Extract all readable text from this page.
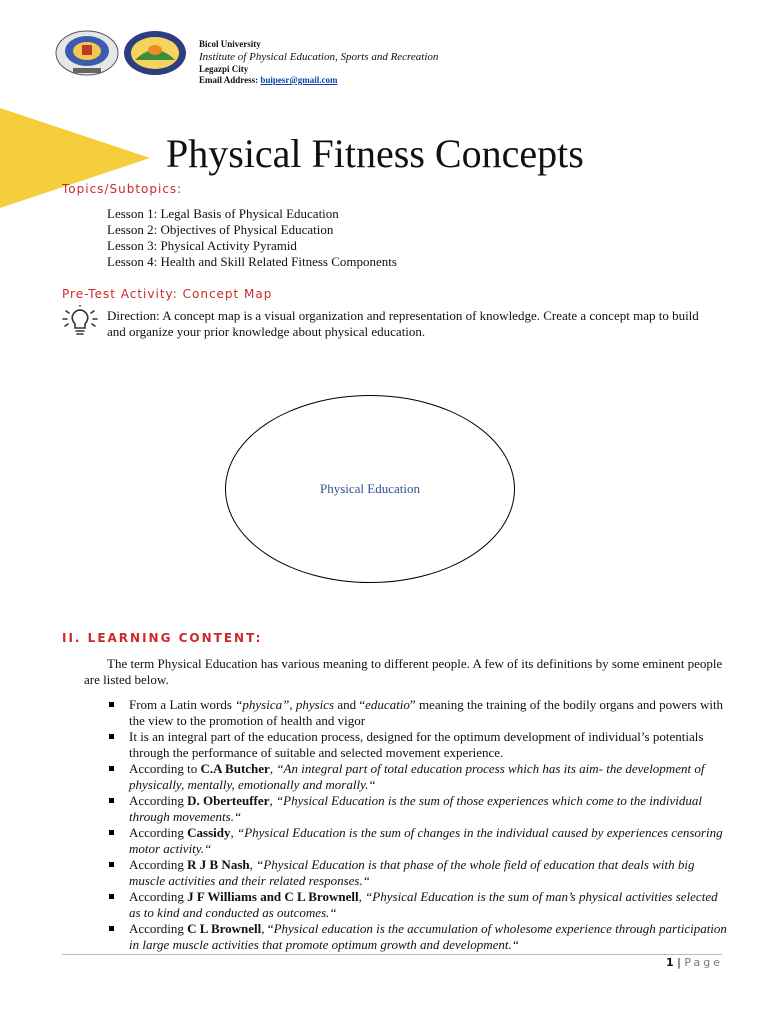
Bicol University
Institute of Physical Education, Sports and Recreation
Legazpi City
Email Address: buipesr@gmail.com
Physical Fitness Concepts
Topics/Subtopics:
Lesson 1: Legal Basis of Physical Education
Lesson 2: Objectives of Physical Education
Lesson 3: Physical Activity Pyramid
Lesson 4: Health and Skill Related Fitness Components
Pre-Test Activity: Concept Map
Direction: A concept map is a visual organization and representation of knowledge. Create a concept map to build and organize your prior knowledge about physical education.
Physical Education
II. LEARNING CONTENT:
The term Physical Education has various meaning to different people. A few of its definitions by some eminent people are listed below.
From a Latin words “physica”, physics and “educatio” meaning the training of the bodily organs and powers with the view to the promotion of health and vigor
It is an integral part of the education process, designed for the optimum development of individual’s potentials through the performance of suitable and selected movement experience.
According to C.A Butcher, “An integral part of total education process which has its aim- the development of physically, mentally, emotionally and morally.“
According D. Oberteuffer, “Physical Education is the sum of those experiences which come to the individual through movements.“
According Cassidy, “Physical Education is the sum of changes in the individual caused by experiences censoring motor activity.“
According R J B Nash, “Physical Education is that phase of the whole field of education that deals with big muscle activities and their related responses.“
According J F Williams and C L Brownell, “Physical Education is the sum of man’s physical activities selected as to kind and conducted as outcomes.“
According C L Brownell, “Physical education is the accumulation of wholesome experience through participation in large muscle activities that promote optimum growth and development.“
1 | Page
